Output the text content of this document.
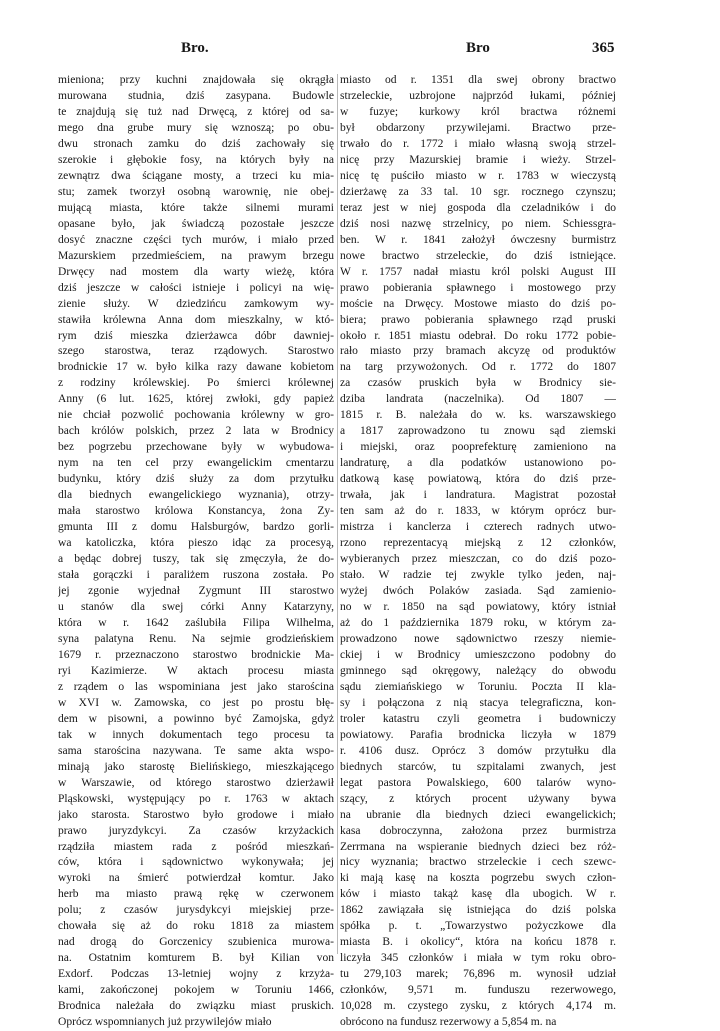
Bro.	Bro	365
mieniona; przy kuchni znajdowała się okrągła
murowana studnia, dziś zasypana. Budowle
te znajdują się tuż nad Drwęcą, z której od sa-
mego dna grube mury się wznoszą; po obu-
dwu stronach zamku do dziś zachowały się
szerokie i głębokie fosy, na których były na
zewnątrz dwa ściągane mosty, a trzeci ku mia-
stu; zamek tworzył osobną warownię, nie obej-
mującą miasta, które także silnemi murami
opasane było, jak świadczą pozostałe jeszcze
dosyć znaczne części tych murów, i miało przed
Mazurskiem przedmieściem, na prawym brzegu
Drwęcy nad mostem dla warty wieżę, która
dziś jeszcze w całości istnieje i policyi na wię-
zienie służy. W dziedzińcu zamkowym wy-
stawiła królewna Anna dom mieszkalny, w któ-
rym dziś mieszka dzierżawca dóbr dawniej-
szego starostwa, teraz rządowych. Starostwo
brodnickie 17 w. było kilka razy dawane kobietom
z rodziny królewskiej. Po śmierci królewnej
Anny (6 lut. 1625, której zwłoki, gdy papież
nie chciał pozwolić pochowania królewny w gro-
bach królów polskich, przez 2 lata w Brodnicy
bez pogrzebu przechowane były w wybudowa-
nym na ten cel przy ewangelickim cmentarzu
budynku, który dziś służy za dom przytułku
dla biednych ewangelickiego wyznania), otrzy-
mała starostwo królowa Konstancya, żona Zy-
gmunta III z domu Halsburgów, bardzo gorli-
wa katoliczka, która pieszo idąc za procesyą,
a będąc dobrej tuszy, tak się zmęczyła, że do-
stała gorączki i paraliżem ruszona została. Po
jej zgonie wyjednał Zygmunt III starostwo
u stanów dla swej córki Anny Katarzyny,
która w r. 1642 zaślubiła Filipa Wilhelma,
syna palatyna Renu. Na sejmie grodzieńskiem
1679 r. przeznaczono starostwo brodnickie Ma-
ryi Kazimierze. W aktach procesu miasta
z rządem o las wspominiana jest jako starościna
w XVI w. Zamowska, co jest po prostu błę-
dem w pisowni, a powinno być Zamojska, gdyż
tak w innych dokumentach tego procesu ta
sama starościna nazywana. Te same akta wspo-
minają jako starostę Bielińskiego, mieszkającego
w Warszawie, od którego starostwo dzierżawił
Pląskowski, występujący po r. 1763 w aktach
jako starosta. Starostwo było grodowe i miało
prawo juryzdykcyi. Za czasów krzyżackich
rządziła miastem rada z pośród mieszkań-
ców, która i sądownictwo wykonywała; jej
wyroki na śmierć potwierdzał komtur. Jako
herb ma miasto prawą rękę w czerwonem
polu; z czasów jurysdykcyi miejskiej prze-
chowała się aż do roku 1818 za miastem
nad drogą do Gorczenicy szubienica murowa-
na. Ostatnim komturem B. był Kilian von
Exdorf. Podczas 13-letniej wojny z krzyża-
kami, zakończonej pokojem w Toruniu 1466,
Brodnica należała do związku miast pruskich.
Oprócz wspomnianych już przywilejów miało
miasto od r. 1351 dla swej obrony bractwo
strzeleckie, uzbrojone najprzód łukami, później
w fuzye; kurkowy król bractwa różnemi
był obdarzony przywilejami. Bractwo prze-
trwało do r. 1772 i miało własną swoją strzel-
nicę przy Mazurskiej bramie i wieży. Strzel-
nicę tę puściło miasto w r. 1783 w wieczystą
dzierżawę za 33 tal. 10 sgr. rocznego czynszu;
teraz jest w niej gospoda dla czeladników i do
dziś nosi nazwę strzelnicy, po niem. Schiessgra-
ben. W r. 1841 założył ówczesny burmistrz
nowe bractwo strzeleckie, do dziś istniejące.
W r. 1757 nadał miastu król polski August III
prawo pobierania spławnego i mostowego przy
moście na Drwęcy. Mostowe miasto do dziś po-
biera; prawo pobierania spławnego rząd pruski
około r. 1851 miastu odebrał. Do roku 1772 pobie-
rało miasto przy bramach akcyzę od produktów
na targ przywożonych. Od r. 1772 do 1807
za czasów pruskich była w Brodnicy sie-
dziba landrata (naczelnika). Od 1807 —
1815 r. B. należała do w. ks. warszawskiego
a 1817 zaprowadzono tu znowu sąd ziemski
i miejski, oraz pooprefekturę zamieniono na
landraturę, a dla podatków ustanowiono po-
datkową kasę powiatową, która do dziś prze-
trwała, jak i landratura. Magistrat pozostał
ten sam aż do r. 1833, w którym oprócz bur-
mistrza i kanclerza i czterech radnych utwo-
rzono reprezentacyą miejską z 12 członków,
wybieranych przez mieszczan, co do dziś pozo-
stało. W radzie tej zwykle tylko jeden, naj-
wyżej dwóch Polaków zasiada. Sąd zamienio-
no w r. 1850 na sąd powiatowy, który istniał
aż do 1 października 1879 roku, w którym za-
prowadzono nowe sądownictwo rzeszy niemie-
ckiej i w Brodnicy umieszczono podobny do
gminnego sąd okręgowy, należący do obwodu
sądu ziemiańskiego w Toruniu. Poczta II kla-
sy i połączona z nią stacya telegraficzna, kon-
troler katastru czyli geometra i budowniczy
powiatowy. Parafia brodnicka liczyła w 1879
r. 4106 dusz. Oprócz 3 domów przytułku dla
biednych starców, tu szpitalami zwanych, jest
legat pastora Powalskiego, 600 talarów wyno-
szący, z których procent używany bywa
na ubranie dla biednych dzieci ewangelickich;
kasa dobroczynna, założona przez burmistrza
Zerrmana na wspieranie biednych dzieci bez róż-
nicy wyznania; bractwo strzeleckie i cech szewc-
ki mają kasę na koszta pogrzebu swych człon-
ków i miasto takąż kasę dla ubogich. W r.
1862 zawiązała się istniejąca do dziś polska
spółka p. t. „Towarzystwo pożyczkowe dla
miasta B. i okolicy“, która na końcu 1878 r.
liczyła 345 członków i miała w tym roku obro-
tu 279,103 marek; 76,896 m. wynosił udział
członków, 9,571 m. funduszu rezerwowego,
10,028 m. czystego zysku, z których 4,174 m.
obrócono na fundusz rezerwowy a 5,854 m. na
